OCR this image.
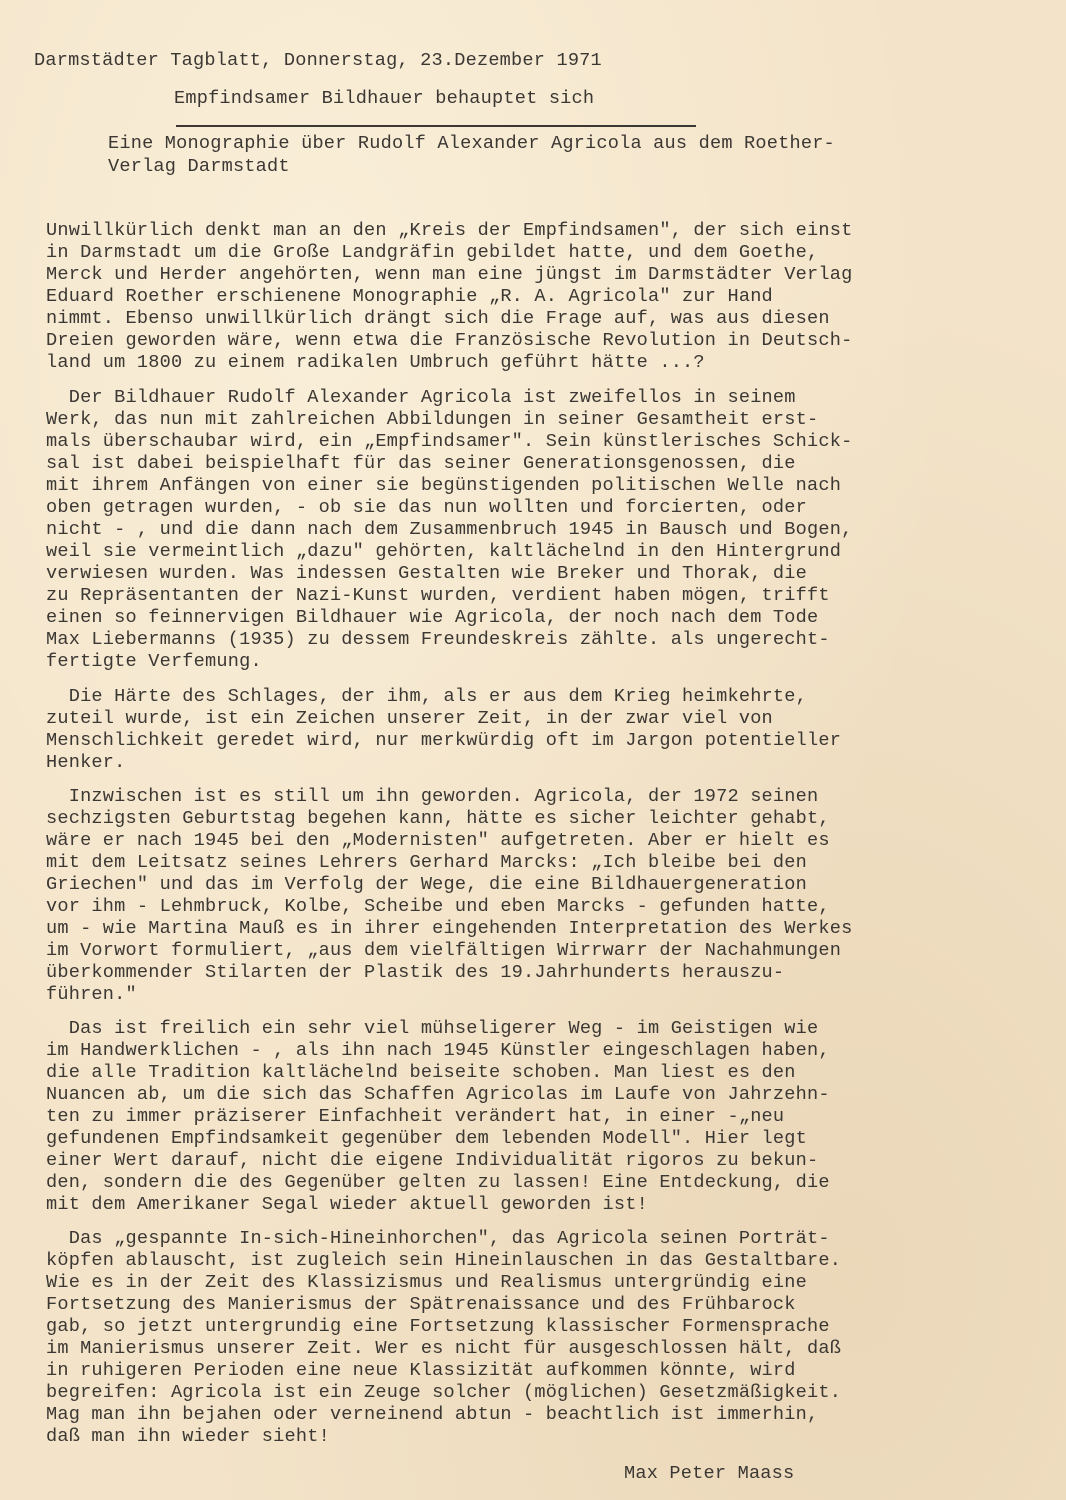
Darmstädter Tagblatt, Donnerstag, 23.Dezember 1971
Empfindsamer Bildhauer behauptet sich
Eine Monographie über Rudolf Alexander Agricola aus dem Roether-
Verlag Darmstadt
Unwillkürlich denkt man an den „Kreis der Empfindsamen", der sich einst
in Darmstadt um die Große Landgräfin gebildet hatte, und dem Goethe,
Merck und Herder angehörten, wenn man eine jüngst im Darmstädter Verlag
Eduard Roether erschienene Monographie „R. A. Agricola" zur Hand
nimmt. Ebenso unwillkürlich drängt sich die Frage auf, was aus diesen
Dreien geworden wäre, wenn etwa die Französische Revolution in Deutsch-
land um 1800 zu einem radikalen Umbruch geführt hätte ...?
Der Bildhauer Rudolf Alexander Agricola ist zweifellos in seinem
Werk, das nun mit zahlreichen Abbildungen in seiner Gesamtheit erst-
mals überschaubar wird, ein „Empfindsamer". Sein künstlerisches Schick-
sal ist dabei beispielhaft für das seiner Generationsgenossen, die
mit ihrem Anfängen von einer sie begünstigenden politischen Welle nach
oben getragen wurden, - ob sie das nun wollten und forcierten, oder
nicht - , und die dann nach dem Zusammenbruch 1945 in Bausch und Bogen,
weil sie vermeintlich „dazu" gehörten, kaltlächelnd in den Hintergrund
verwiesen wurden. Was indessen Gestalten wie Breker und Thorak, die
zu Repräsentanten der Nazi-Kunst wurden, verdient haben mögen, trifft
einen so feinnervigen Bildhauer wie Agricola, der noch nach dem Tode
Max Liebermanns (1935) zu dessem Freundeskreis zählte. als ungerecht-
fertigte Verfemung.
Die Härte des Schlages, der ihm, als er aus dem Krieg heimkehrte,
zuteil wurde, ist ein Zeichen unserer Zeit, in der zwar viel von
Menschlichkeit geredet wird, nur merkwürdig oft im Jargon potentieller
Henker.
Inzwischen ist es still um ihn geworden. Agricola, der 1972 seinen
sechzigsten Geburtstag begehen kann, hätte es sicher leichter gehabt,
wäre er nach 1945 bei den „Modernisten" aufgetreten. Aber er hielt es
mit dem Leitsatz seines Lehrers Gerhard Marcks: „Ich bleibe bei den
Griechen" und das im Verfolg der Wege, die eine Bildhauergeneration
vor ihm - Lehmbruck, Kolbe, Scheibe und eben Marcks - gefunden hatte,
um - wie Martina Mauß es in ihrer eingehenden Interpretation des Werkes
im Vorwort formuliert, „aus dem vielfältigen Wirrwarr der Nachahmungen
überkommender Stilarten der Plastik des 19.Jahrhunderts herauszu-
führen."
Das ist freilich ein sehr viel mühseligerer Weg - im Geistigen wie
im Handwerklichen - , als ihn nach 1945 Künstler eingeschlagen haben,
die alle Tradition kaltlächelnd beiseite schoben. Man liest es den
Nuancen ab, um die sich das Schaffen Agricolas im Laufe von Jahrzehn-
ten zu immer präziserer Einfachheit verändert hat, in einer -„neu
gefundenen Empfindsamkeit gegenüber dem lebenden Modell". Hier legt
einer Wert darauf, nicht die eigene Individualität rigoros zu bekun-
den, sondern die des Gegenüber gelten zu lassen! Eine Entdeckung, die
mit dem Amerikaner Segal wieder aktuell geworden ist!
Das „gespannte In-sich-Hineinhorchen", das Agricola seinen Porträt-
köpfen ablauscht, ist zugleich sein Hineinlauschen in das Gestaltbare.
Wie es in der Zeit des Klassizismus und Realismus untergründig eine
Fortsetzung des Manierismus der Spätrenaissance und des Frühbarock
gab, so jetzt untergrundig eine Fortsetzung klassischer Formensprache
im Manierismus unserer Zeit. Wer es nicht für ausgeschlossen hält, daß
in ruhigeren Perioden eine neue Klassizität aufkommen könnte, wird
begreifen: Agricola ist ein Zeuge solcher (möglichen) Gesetzmäßigkeit.
Mag man ihn bejahen oder verneinend abtun - beachtlich ist immerhin,
daß man ihn wieder sieht!
Max Peter Maass
